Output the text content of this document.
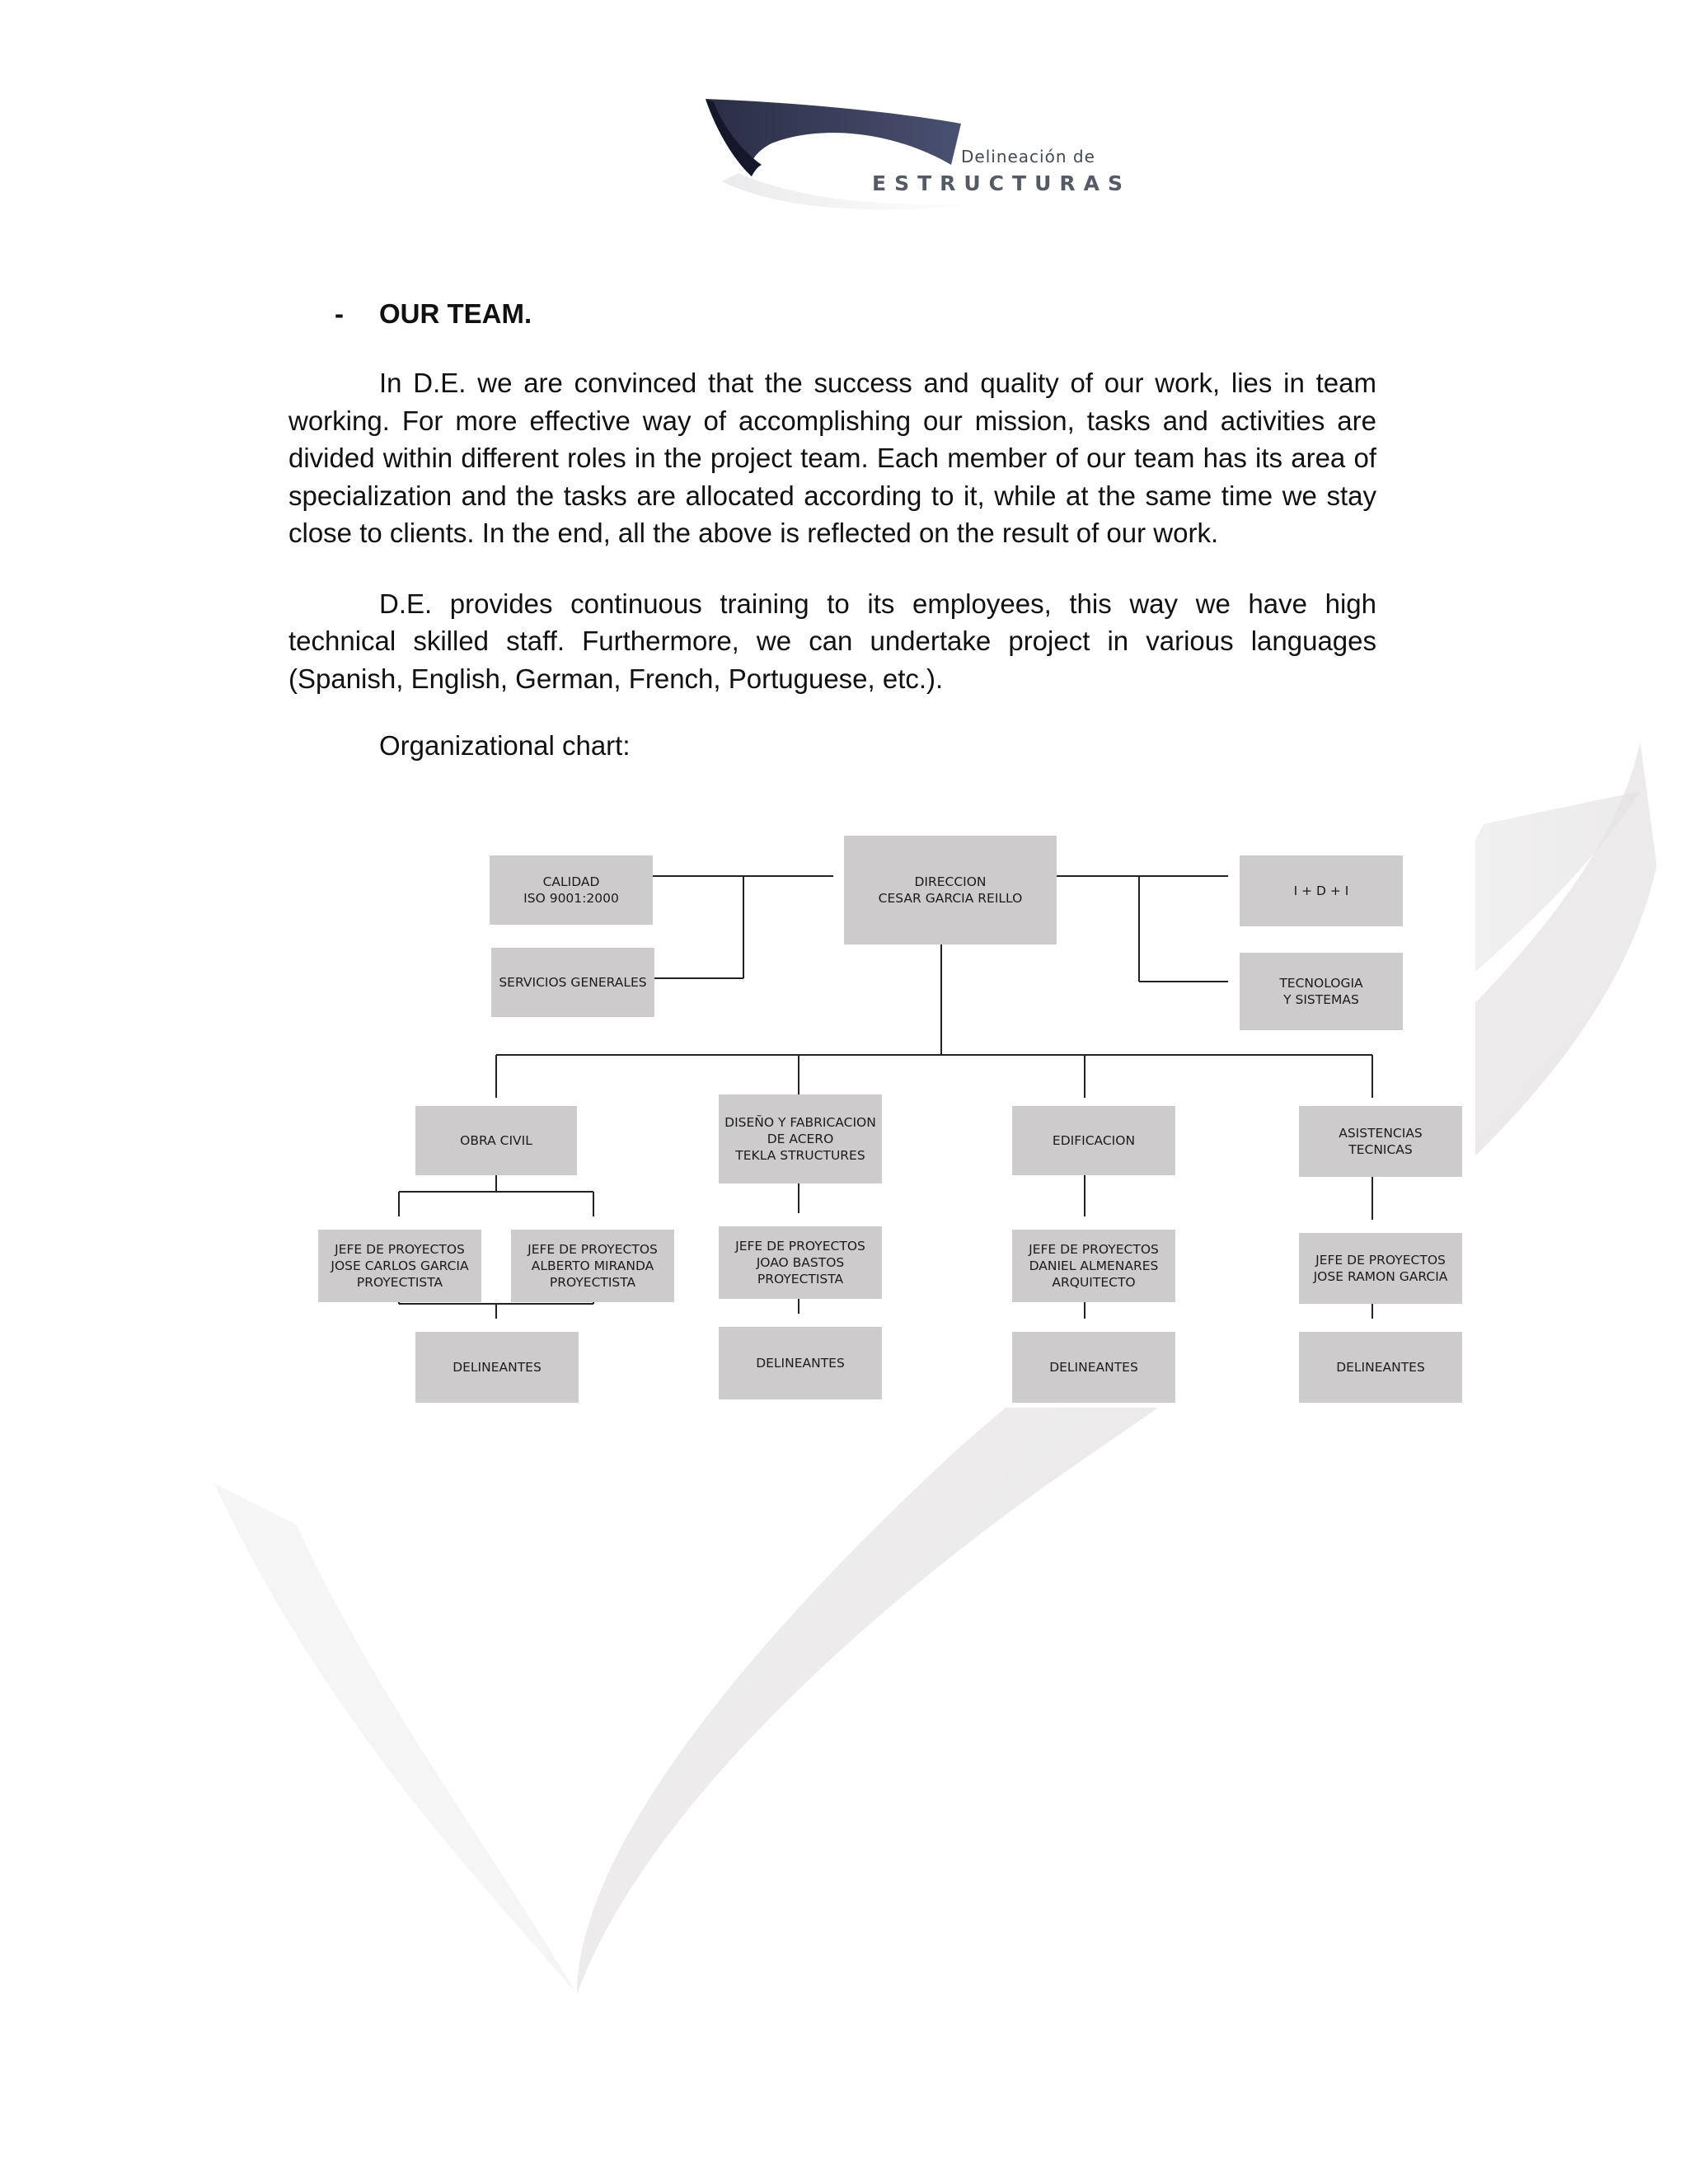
Delineación de
ESTRUCTURAS
- OUR TEAM.

In D.E. we are convinced that the success and quality of our work, lies in team working. For more effective way of accomplishing our mission, tasks and activities are divided within different roles in the project team. Each member of our team has its area of specialization and the tasks are allocated according to it, while at the same time we stay close to clients. In the end, all the above is reflected on the result of our work.

D.E. provides continuous training to its employees, this way we have high technical skilled staff. Furthermore, we can undertake project in various languages (Spanish, English, German, French, Portuguese, etc.).

Organizational chart:

CALIDAD
ISO 9001:2000
DIRECCION
CESAR GARCIA REILLO
SERVICIOS GENERALES
I + D + I
TECNOLOGIA
Y SISTEMAS
OBRA CIVIL
DISEÑO Y FABRICACION
DE ACERO
TEKLA STRUCTURES
EDIFICACION	ASISTENCIAS
TECNICAS
JEFE DE PROYECTOS
JOSE CARLOS GARCIA
PROYECTISTA
JEFE DE PROYECTOS
ALBERTO MIRANDA
PROYECTISTA
JEFE DE PROYECTOS
JOAO BASTOS
PROYECTISTA
JEFE DE PROYECTOS
DANIEL ALMENARES
ARQUITECTO
JEFE DE PROYECTOS
JOSE RAMON GARCIA
DELINEANTES	DELINEANTES	DELINEANTES	DELINEANTES
